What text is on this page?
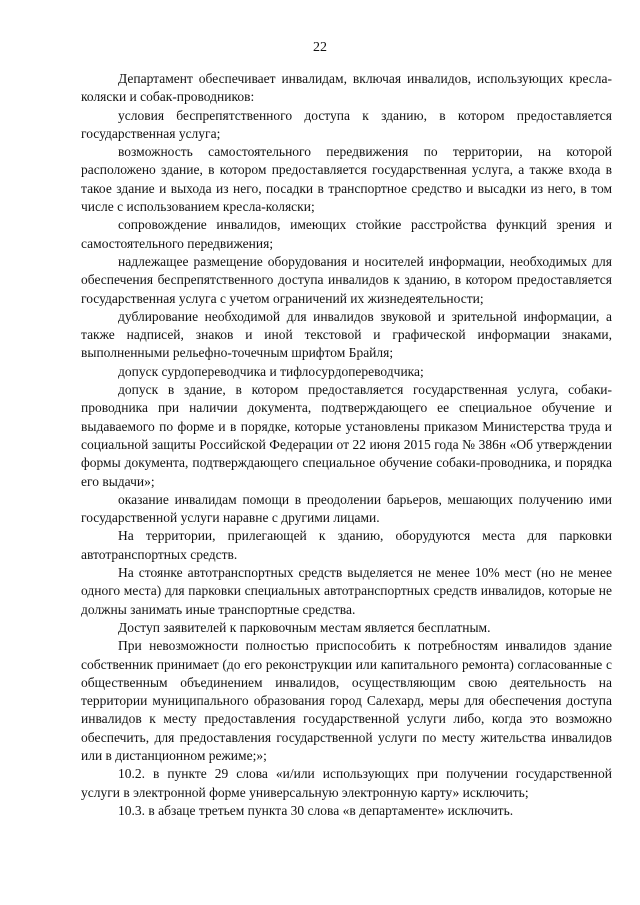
22

Департамент обеспечивает инвалидам, включая инвалидов, использующих кресла-коляски и собак-проводников:

условия беспрепятственного доступа к зданию, в котором предоставляется государственная услуга;

возможность самостоятельного передвижения по территории, на которой расположено здание, в котором предоставляется государственная услуга, а также входа в такое здание и выхода из него, посадки в транспортное средство и высадки из него, в том числе с использованием кресла-коляски;

сопровождение инвалидов, имеющих стойкие расстройства функций зрения и самостоятельного передвижения;

надлежащее размещение оборудования и носителей информации, необходимых для обеспечения беспрепятственного доступа инвалидов к зданию, в котором предоставляется государственная услуга с учетом ограничений их жизнедеятельности;

дублирование необходимой для инвалидов звуковой и зрительной информации, а также надписей, знаков и иной текстовой и графической информации знаками, выполненными рельефно-точечным шрифтом Брайля;

допуск сурдопереводчика и тифлосурдопереводчика;

допуск в здание, в котором предоставляется государственная услуга, собаки-проводника при наличии документа, подтверждающего ее специальное обучение и выдаваемого по форме и в порядке, которые установлены приказом Министерства труда и социальной защиты Российской Федерации от 22 июня 2015 года № 386н «Об утверждении формы документа, подтверждающего специальное обучение собаки-проводника, и порядка его выдачи»;

оказание инвалидам помощи в преодолении барьеров, мешающих получению ими государственной услуги наравне с другими лицами.

На территории, прилегающей к зданию, оборудуются места для парковки автотранспортных средств.

На стоянке автотранспортных средств выделяется не менее 10% мест (но не менее одного места) для парковки специальных автотранспортных средств инвалидов, которые не должны занимать иные транспортные средства.

Доступ заявителей к парковочным местам является бесплатным.

При невозможности полностью приспособить к потребностям инвалидов здание собственник принимает (до его реконструкции или капитального ремонта) согласованные с общественным объединением инвалидов, осуществляющим свою деятельность на территории муниципального образования город Салехард, меры для обеспечения доступа инвалидов к месту предоставления государственной услуги либо, когда это возможно обеспечить, для предоставления государственной услуги по месту жительства инвалидов или в дистанционном режиме;»;

10.2. в пункте 29 слова «и/или использующих при получении государственной услуги в электронной форме универсальную электронную карту» исключить;

10.3. в абзаце третьем пункта 30 слова «в департаменте» исключить.
